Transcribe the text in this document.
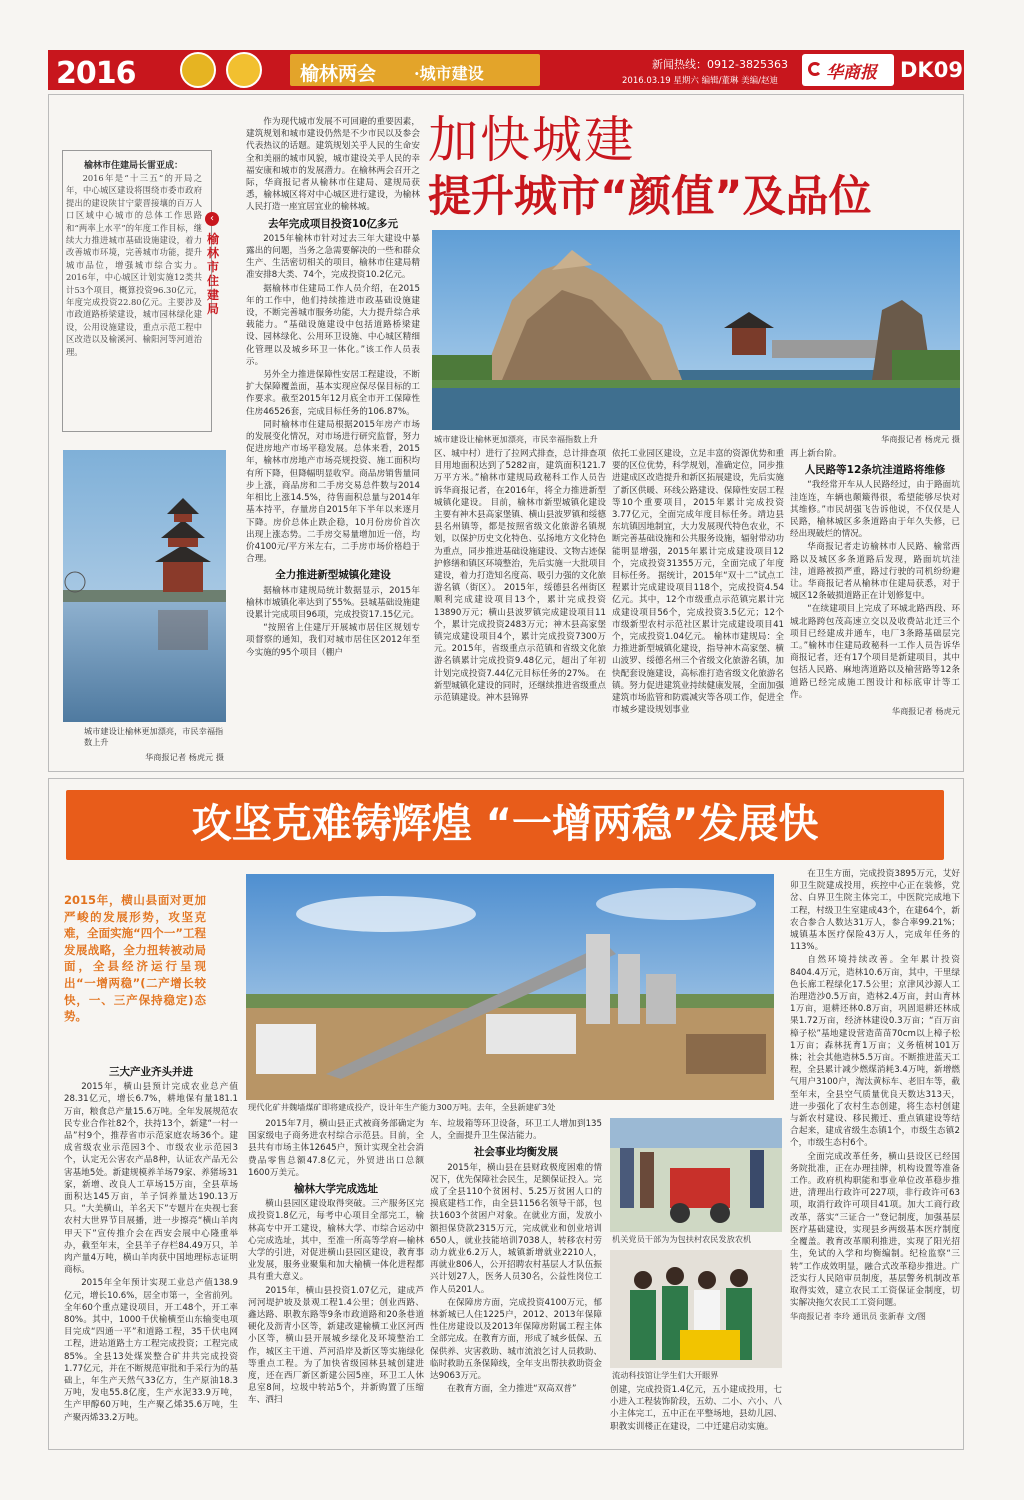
2016	榆林两会 ·城市建设	新闻热线：0912-3825363
2016.03.19 星期六 编辑/董琳 美编/赵迪	华商报 DK09
榆林市住建局长雷亚成：
2016年是“十三五”的开局之年，中心城区建设将围绕市委市政府提出的建设陕甘宁蒙晋接壤的百万人口区域中心城市的总体工作思路和“两率上水平”的年度工作目标，继续大力推进城市基础设施建设，着力改善城市环境，完善城市功能，提升城市品位，增强城市综合实力。 2016年，中心城区计划实施12类共计53个项目，概算投资96.30亿元，年度完成投资22.80亿元。主要涉及市政道路桥梁建设，城市园林绿化建设，公用设施建设，重点示范工程中区改造以及榆溪河、榆阳河等河道治理。
‹
榆林市住建局
城市建设让榆林更加漂亮，市民幸福指数上升
华商报记者 杨虎元 摄

作为现代城市发展不可回避的重要因素，建筑规划和城市建设仍然是不少市民以及参会代表热议的话题。建筑规划关乎人民的生命安全和美丽的城市风貌，城市建设关乎人民的幸福安康和城市的发展潜力。在榆林两会召开之际，华商报记者从榆林市住建局、建规局获悉，榆林城区将对中心城区进行建设，为榆林人民打造一座宜居宜业的榆林城。

去年完成项目投资10亿多元

2015年榆林市针对过去三年大建设中暴露出的问题，当务之急需要解决的一些和群众生产、生活密切相关的项目，榆林市住建局精准安排8大类、74个，完成投资10.2亿元。

据榆林市住建局工作人员介绍，在2015年的工作中，他们持续推进市政基础设施建设，不断完善城市服务功能，大力提升综合承载能力。“基础设施建设中包括道路桥梁建设、园林绿化、公用环卫设施、中心城区精细化管理以及城乡环卫一体化。”该工作人员表示。

另外全力推进保障性安居工程建设，不断扩大保障覆盖面，基本实现应保尽保目标的工作要求。截至2015年12月底全市开工保障性住房46526套，完成目标任务的106.87%。

同时榆林市住建局根据2015年房产市场的发展变化情况，对市场进行研究监督，努力促进房地产市场平稳发展。总体来看，2015年，榆林市房地产市场亮规投资、施工面积均有所下降，但降幅明显收窄。商品房销售量同步上涨，商品房和二手房交易总件数与2014年相比上涨14.5%，待售面积总量与2014年基本持平，存量房自2015年下半年以来逐月下降。房价总体止跌企稳，10月份房价首次出现上涨态势。二手房交易量增加近一倍，均价4100元/平方米左右，二手房市场价格趋于合理。

全力推进新型城镇化建设

据榆林市建规局统计数据显示，2015年榆林市城镇化率达到了55%。县城基础设施建设累计完成项目96项，完成投资17.15亿元。

“按照省上住建厅开展城市居住区规划专项督察的通知，我们对城市居住区2012年至今实施的95个项目（棚户

加快城建
提升城市“颜值”及品位
城市建设让榆林更加漂亮，市民幸福指数上升	华商报记者 杨虎元 摄
区、城中村）进行了拉网式排查，总计排查项目用地面积达到了5282亩，建筑面积121.7万平方米。”榆林市建规局政秘科工作人员告诉华商报记者，在2016年，将全力推进新型城镇化建设。 目前，榆林市新型城镇化建设主要有神木县高家堡镇、横山县波罗镇和绥德县名州镇等，都是按照省级文化旅游名镇规划，以保护历史文化特色、弘扬地方文化特色为重点，同步推进基础设施建设、文物古迹保护修缮和镇区环境整治，先后实施一大批项目建设，着力打造知名度高、吸引力强的文化旅游名镇（街区）。 2015年，绥德县名州街区顺利完成建设项目13个，累计完成投资13890万元；横山县波罗镇完成建设项目11个，累计完成投资2483万元；神木县高家堡镇完成建设项目4个，累计完成投资7300万元。2015年，省级重点示范镇和省级文化旅游名镇累计完成投资9.48亿元，超出了年初计划完成投资7.44亿元目标任务的27%。 在新型城镇化建设的同时，还继续推进省级重点示范镇建设。神木县锦界
依托工业园区建设，立足丰富的资源优势和重要的区位优势，科学规划，准确定位，同步推进建成区改造提升和新区拓展建设，先后实施了新区供暖、环线公路建设、保障性安居工程等10个重要项目，2015年累计完成投资3.77亿元，全面完成年度目标任务。靖边县东坑镇因地制宜，大力发展现代特色农业，不断完善基础设施和公共服务设施，辐射带动功能明显增强，2015年累计完成建设项目12个，完成投资31355万元，全面完成了年度目标任务。 据统计，2015年“双十二”试点工程累计完成建设项目118个，完成投资4.54亿元。其中，12个市级重点示范镇完累计完成建设项目56个，完成投资3.5亿元；12个市级新型农村示范社区累计完成建设项目41个，完成投资1.04亿元。 榆林市建规局：全力推进新型城镇化建设，指导神木高家堡、横山波罗、绥德名州三个省级文化旅游名镇，加快配套设施建设，高标准打造省级文化旅游名镇。努力促进建筑业持续健康发展，全面加强建筑市场监管和防震减灾等各项工作，促进全市城乡建设规划事业

再上新台阶。

人民路等12条坑洼道路将维修

“我经常开车从人民路经过，由于路面坑洼连连，车辆也颠簸得很，希望能够尽快对其维修。”市民胡强飞告诉他说，不仅仅是人民路，榆林城区多条道路由于年久失修，已经出现破烂的情况。

华商报记者走访榆林市人民路、榆常西路以及城区多条道路后发现，路面坑坑洼洼，道路被损严重，路过行驶的司机纷纷避让。华商报记者从榆林市住建局获悉，对于城区12条破损道路正在计划修复中。

“在续建项目上完成了环城北路西段、环城北路跨包茂高速立交以及收费站北迁三个项目已经建成并通车，电厂3条路基础层完工。”榆林市住建局政秘科一工作人员告诉华商报记者，还有17个项目是新建项目，其中包括人民路、麻地湾道路以及榆营路等12条道路已经完成施工图设计和标底审计等工作。

华商报记者 杨虎元
攻坚克难铸辉煌 “一增两稳”发展快
2015年，横山县面对更加严峻的发展形势，攻坚克难，全面实施“四个一”工程发展战略，全力扭转被动局面，全县经济运行呈现出“一增两稳”(二产增长较快，一、三产保持稳定)态势。
现代化矿井魏墙煤矿即将建成投产，设计年生产能力300万吨。去年，全县新建矿3处
三大产业齐头并进

2015年，横山县预计完成农业总产值28.31亿元，增长6.7%，耕地保有量181.1万亩，粮食总产量15.6万吨。全年发展规范农民专业合作社82个，扶持13个，新建“一村一品”村9个，推荐省市示范家庭农场36个。建成省级农业示范园3个、市级农业示范园3个，认定无公害农产品8种，认证农产品无公害基地5处。新建规模养羊场79家、养猪场31家，新增、改良人工草场15万亩，全县草场面积达145万亩，羊子饲养量达190.13万只。“大美横山，羊名天下”专题片在央视七套农村大世界节目展播，进一步擦亮“横山羊肉甲天下”宣传推介会在西安会展中心隆重举办，截至年末，全县羊子存栏84.49万只，羊肉产量4万吨，横山羊肉获中国地理标志证明商标。

2015年全年预计实现工业总产值138.9亿元，增长10.6%，居全市第一，全省前列。全年60个重点建设项目，开工48个，开工率80%。其中，1000千伏榆横至山东输变电项目完成“四通一平”和道路工程，35千伏电网工程，进站道路土方工程完成投资；工程完成85%。全县13处煤炭整合矿井共完成投资1.77亿元，并在不断规范审批和手采行为的基础上，年生产天然气33亿方，生产原油18.3万吨，发电55.8亿度，生产水泥33.9万吨，生产甲醇60万吨，生产聚乙烯35.6万吨，生产聚丙烯33.2万吨。

2015年7月，横山县正式被商务部确定为国家级电子商务进农村综合示范县。目前，全县共有市场主体12645户，预计实现全社会消费品零售总额47.8亿元，外贸进出口总额1600万美元。

榆林大学完成选址

横山县园区建设取得突破。三产服务区完成投资1.8亿元，每考中心项目全部完工，榆林高专中开工建设，榆林大学、市综合运动中心完成选址，其中，至准一所高等学府—榆林大学的引进，对促进横山县园区建设，教育事业发展，服务业聚集和加大榆横一体化进程都具有重大意义。

2015年，横山县投资1.07亿元，建成芦河河堤护坡及景观工程1.4公里；创业西路、鑫达路、职教东路等9条市政道路和20条巷道硬化及沥青小区等，新建改建榆横工业区河西小区等，横山县开展城乡绿化及环境整治工作，城区主干道、芦河沿岸及新区等实施绿化等重点工程。为了加快省级园林县城创建进度，还在西厂新区新建公园5座，环卫工人休息室8间，垃圾中转站5个，并新购置了压缩车、洒扫

车、垃圾箱等环卫设备，环卫工人增加到135人，全面提升卫生保洁能力。

社会事业均衡发展

2015年，横山县在县财政极度困难的情况下，优先保障社会民生，足额保证投入。完成了全县110个贫困村、5.25万贫困人口的摸底建档工作，由全县1156名领导干部，包扶1603个贫困户对象。在就业方面，发放小额担保贷款2315万元，完成就业和创业培训650人，就业技能培训7038人，转移农村劳动力就业6.2万人，城镇新增就业2210人，再就业806人，公开招聘农村基层人才队伍振兴计划27人，医务人员30名，公益性岗位工作人员201人。

在保障房方面，完成投资4100万元，郁林新城已人住1225户，2012、2013年保障性住房建设以及2013年保障房附属工程主体全部完成。在教育方面，形成了城乡低保、五保供养、灾害救助、城市流浪乞讨人员救助、临时救助五条保障线，全年支出帮扶救助资金达9063万元。

在教育方面，全力推进“双高双普”

机关党员干部为为包扶村农民发放农机
流动科技馆让学生们大开眼界
创建，完成投资1.4亿元，五小建成投用，七小进入工程装饰阶段，五幼、二小、六小、八小主体完工，五中正在平整场地，县幼儿园、职教实训楼正在建设，二中迁建启动实施。

在卫生方面，完成投资3895万元，艾好卯卫生院建成投用，疾控中心正在装修，党岔、白界卫生院主体完工，中医院完成地下工程，村级卫生室建成43个，在建64个，新农合参合人数达31万人，参合率99.21%；城镇基本医疗保险43万人，完成年任务的113%。

自然环境持续改善。全年累计投资8404.4万元，造林10.6万亩，其中，干里绿色长廊工程绿化17.5公里；京津风沙源人工治理造沙0.5万亩，造林2.4万亩，封山育林1万亩，退耕还林0.8万亩，巩固退耕还林成果1.72万亩，经济林建设0.3万亩；“百万亩樟子松”基地建设营造苗苗70cm以上樟子松1万亩；森林抚育1万亩；义务植树101万株；社会其他造林5.5万亩。不断推进蓝天工程，全县累计减少燃煤消耗3.4万吨，新增燃气用户3100户，淘汰黄标车、老旧车等，截至年末，全县空气质量优良天数达313天，进一步强化了农村生态创建，将生态村创建与新农村建设、移民搬迁、重点镇建设等结合起来，建成省级生态镇1个，市级生态镇2个，市级生态村6个。

全面完成改革任务，横山县设区已经国务院批准，正在办理挂牌，机构设置等准备工作。政府机构职能和事业单位改革稳步推进，清理出行政许可227项，非行政许可63项，取消行政许可项目41项。加大工商行政改革，落实“三证合一”登记制度，加强基层医疗基础建设，实现县乡两级基本医疗制度全覆盖。教育改革顺利推进，实现了阳光招生，免试的入学和均衡编制。纪检监察“三转”工作成效明显，融合式改革稳步推进。广泛实行人民陪审员制度，基层警务机制改革取得实效，建立农民工工资保证金制度，切实解决拖欠农民工工资问题。

华商报记者 李玲 通讯员 张新春 文/图
